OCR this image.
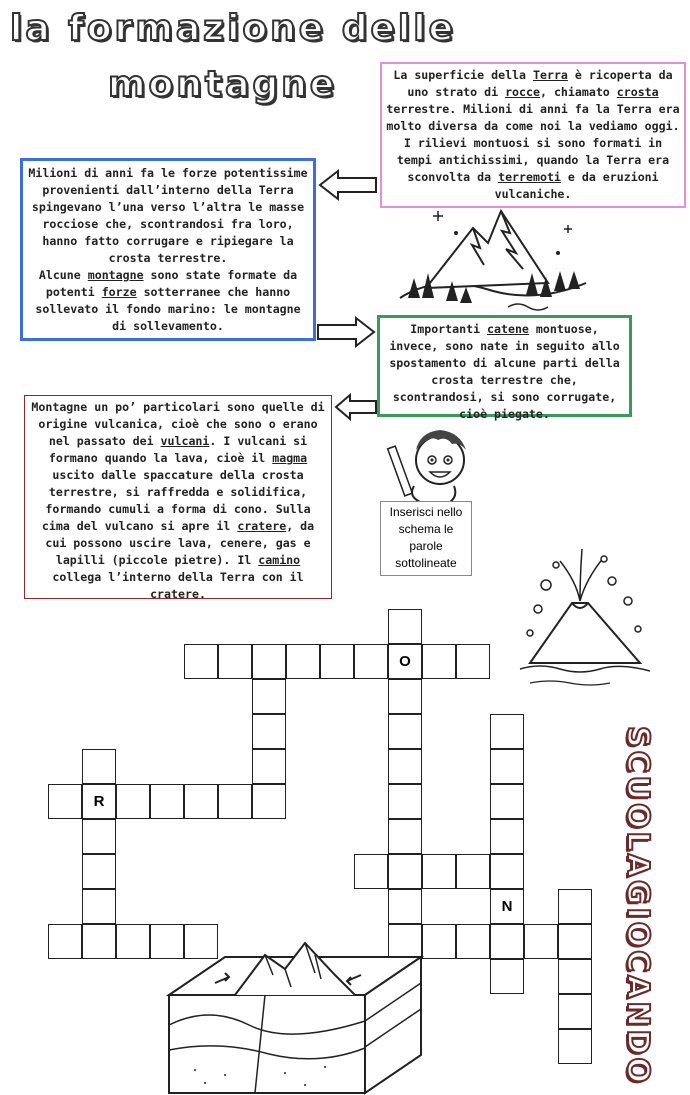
la formazione delle
montagne	La superficie della Terra è ricoperta da uno strato di rocce, chiamato crosta terrestre. Milioni di anni fa la Terra era molto diversa da come noi la vediamo oggi. I rilievi montuosi si sono formati in tempi antichissimi, quando la Terra era sconvolta da terremoti e da eruzioni vulcaniche.

Milioni di anni fa le forze potentissime provenienti dall’interno della Terra spingevano l’una verso l’altra le masse rocciose che, scontrandosi fra loro, hanno fatto corrugare e ripiegare la crosta terrestre.

Alcune montagne sono state formate da potenti forze sotterranee che hanno sollevato il fondo marino: le montagne di sollevamento.	Importanti catene montuose, invece, sono nate in seguito allo spostamento di alcune parti della crosta terrestre che, scontrandosi, si sono corrugate, cioè piegate.

Montagne un po’ particolari sono quelle di origine vulcanica, cioè che sono o erano nel passato dei vulcani. I vulcani si formano quando la lava, cioè il magma uscito dalle spaccature della crosta terrestre, si raffredda e solidifica, formando cumuli a forma di cono. Sulla cima del vulcano si apre il cratere, da cui possono uscire lava, cenere, gas e lapilli (piccole pietre). Il camino collega l’interno della Terra con il cratere.

Inserisci nello schema le parole sottolineate
SCUOLAGIOCANDO
O
R
N
